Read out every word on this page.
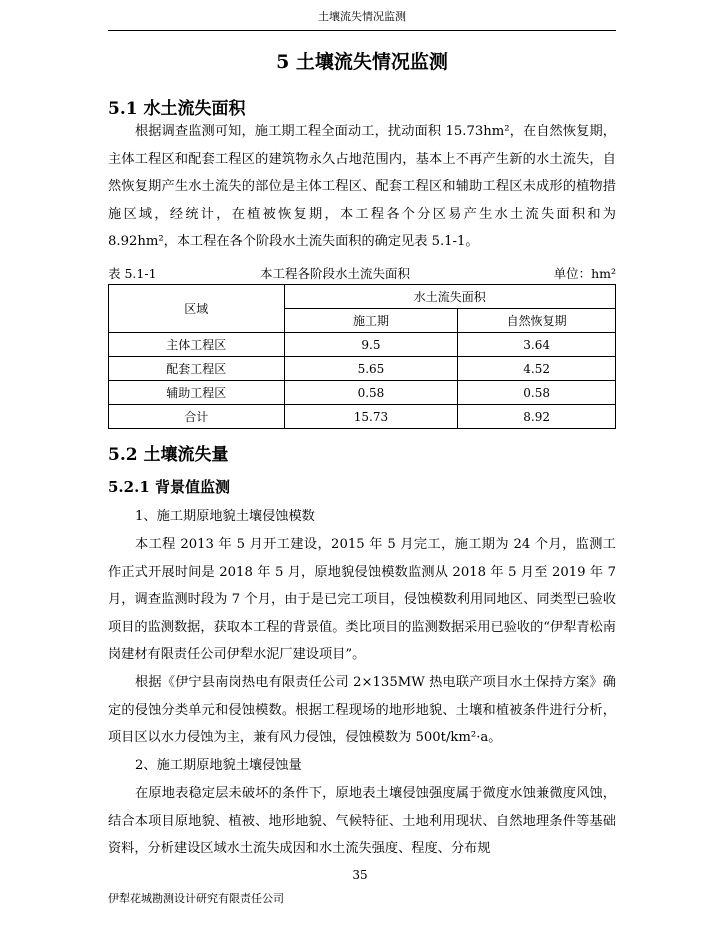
土壤流失情况监测
5 土壤流失情况监测
5.1 水土流失面积

根据调查监测可知，施工期工程全面动工，扰动面积 15.73hm²，在自然恢复期，主体工程区和配套工程区的建筑物永久占地范围内，基本上不再产生新的水土流失，自然恢复期产生水土流失的部位是主体工程区、配套工程区和辅助工程区未成形的植物措施区域，经统计，在植被恢复期，本工程各个分区易产生水土流失面积和为 8.92hm²，本工程在各个阶段水土流失面积的确定见表 5.1-1。

表 5.1-1	本工程各阶段水土流失面积	单位：hm²
区域	水土流失面积	
	施工期	自然恢复期
主体工程区	9.5	3.64
配套工程区	5.65	4.52
辅助工程区	0.58	0.58
合计	15.73	8.92
5.2 土壤流失量
5.2.1 背景值监测

1、施工期原地貌土壤侵蚀模数

本工程 2013 年 5 月开工建设，2015 年 5 月完工，施工期为 24 个月，监测工作正式开展时间是 2018 年 5 月，原地貌侵蚀模数监测从 2018 年 5 月至 2019 年 7 月，调查监测时段为 7 个月，由于是已完工项目，侵蚀模数利用同地区、同类型已验收项目的监测数据，获取本工程的背景值。类比项目的监测数据采用已验收的“伊犁青松南岗建材有限责任公司伊犁水泥厂建设项目”。

根据《伊宁县南岗热电有限责任公司 2×135MW 热电联产项目水土保持方案》确定的侵蚀分类单元和侵蚀模数。根据工程现场的地形地貌、土壤和植被条件进行分析，项目区以水力侵蚀为主，兼有风力侵蚀，侵蚀模数为 500t/km²·a。

2、施工期原地貌土壤侵蚀量

在原地表稳定层未破坏的条件下，原地表土壤侵蚀强度属于微度水蚀兼微度风蚀，结合本项目原地貌、植被、地形地貌、气候特征、土地利用现状、自然地理条件等基础资料，分析建设区域水土流失成因和水土流失强度、程度、分布规

35
伊犁花城勘测设计研究有限责任公司
